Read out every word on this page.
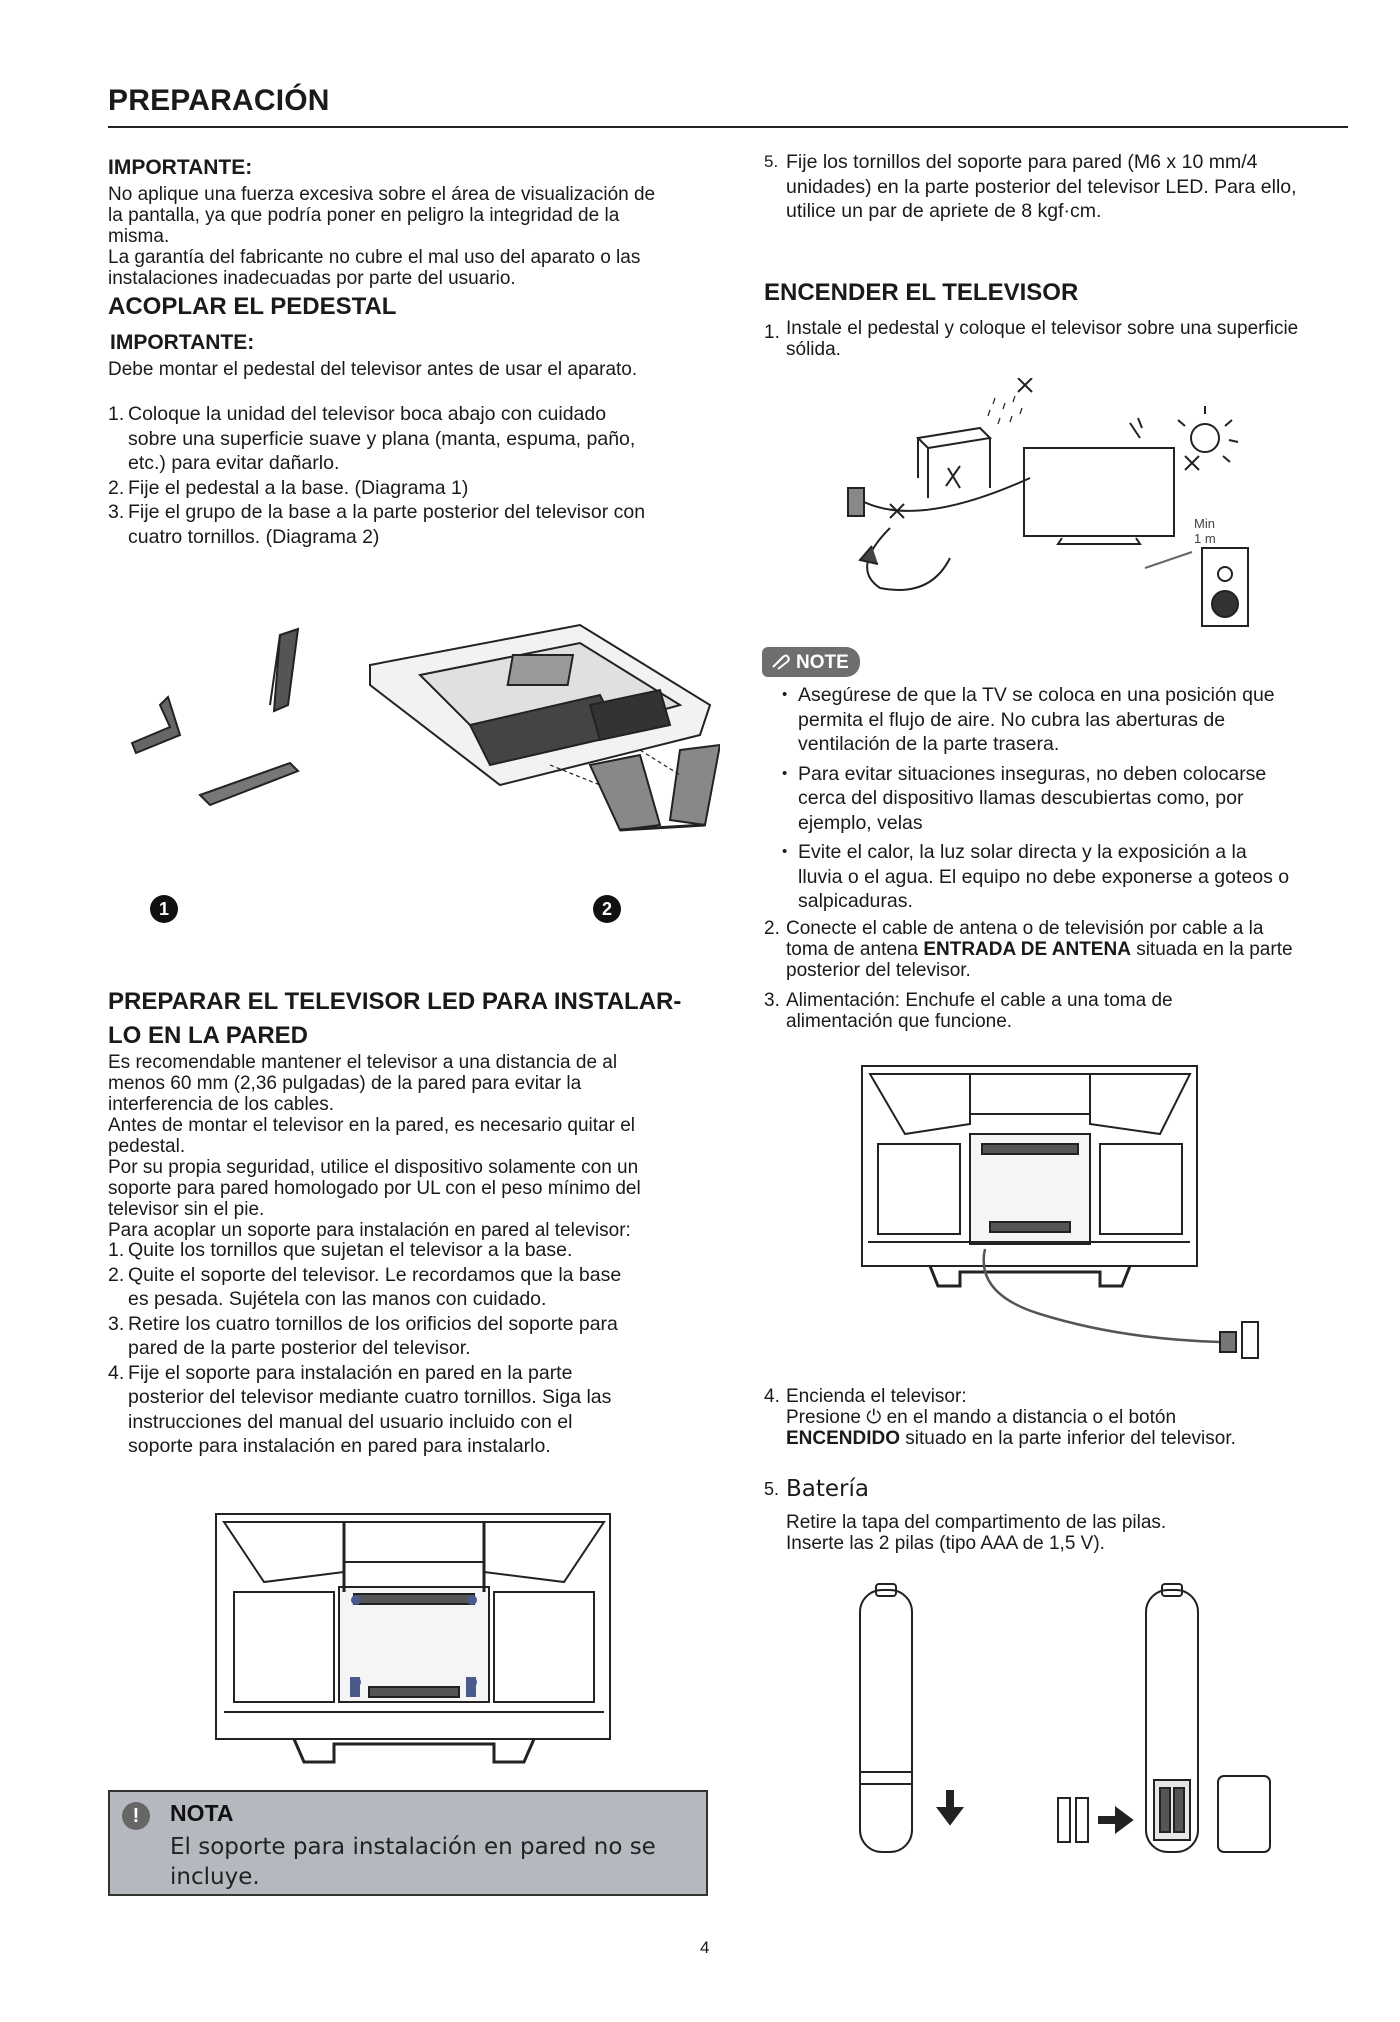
PREPARACIÓN
IMPORTANTE:
No aplique una fuerza excesiva sobre el área de visualización de
la pantalla, ya que podría poner en peligro la integridad de la
misma.
La garantía del fabricante no cubre el mal uso del aparato o las
instalaciones inadecuadas por parte del usuario.
ACOPLAR EL PEDESTAL
IMPORTANTE:
Debe montar el pedestal del televisor antes de usar el aparato.
1. Coloque la unidad del televisor boca abajo con cuidado
sobre una superficie suave y plana (manta, espuma, paño,
etc.) para evitar dañarlo.
2. Fije el pedestal a la base. (Diagrama 1)
3. Fije el grupo de la base a la parte posterior del televisor con
cuatro tornillos. (Diagrama 2)
1	2
PREPARAR EL TELEVISOR LED PARA INSTALAR-
LO EN LA PARED
Es recomendable mantener el televisor a una distancia de al
menos 60 mm (2,36 pulgadas) de la pared para evitar la
interferencia de los cables.
Antes de montar el televisor en la pared, es necesario quitar el
pedestal.
Por su propia seguridad, utilice el dispositivo solamente con un
soporte para pared homologado por UL con el peso mínimo del
televisor sin el pie.
Para acoplar un soporte para instalación en pared al televisor:
1. Quite los tornillos que sujetan el televisor a la base.
2. Quite el soporte del televisor. Le recordamos que la base
es pesada. Sujétela con las manos con cuidado.
3. Retire los cuatro tornillos de los orificios del soporte para
pared de la parte posterior del televisor.
4. Fije el soporte para instalación en pared en la parte
posterior del televisor mediante cuatro tornillos. Siga las
instrucciones del manual del usuario incluido con el
soporte para instalación en pared para instalarlo.
!	NOTA
El soporte para instalación en pared no se incluye.
5. Fije los tornillos del soporte para pared (M6 x 10 mm/4
unidades) en la parte posterior del televisor LED. Para ello,
utilice un par de apriete de 8 kgf·cm.
ENCENDER EL TELEVISOR
1. Instale el pedestal y coloque el televisor sobre una superficie
sólida.
Min
1 m
NOTE
• Asegúrese de que la TV se coloca en una posición que
permita el flujo de aire. No cubra las aberturas de
ventilación de la parte trasera.
• Para evitar situaciones inseguras, no deben colocarse
cerca del dispositivo llamas descubiertas como, por
ejemplo, velas
• Evite el calor, la luz solar directa y la exposición a la
lluvia o el agua. El equipo no debe exponerse a goteos o
salpicaduras.
2. Conecte el cable de antena o de televisión por cable a la
toma de antena ENTRADA DE ANTENA situada en la parte
posterior del televisor.
3. Alimentación: Enchufe el cable a una toma de
alimentación que funcione.
4. Encienda el televisor:
Presione ⏻ en el mando a distancia o el botón
ENCENDIDO situado en la parte inferior del televisor.
5. Batería
Retire la tapa del compartimento de las pilas.
Inserte las 2 pilas (tipo AAA de 1,5 V).
4
